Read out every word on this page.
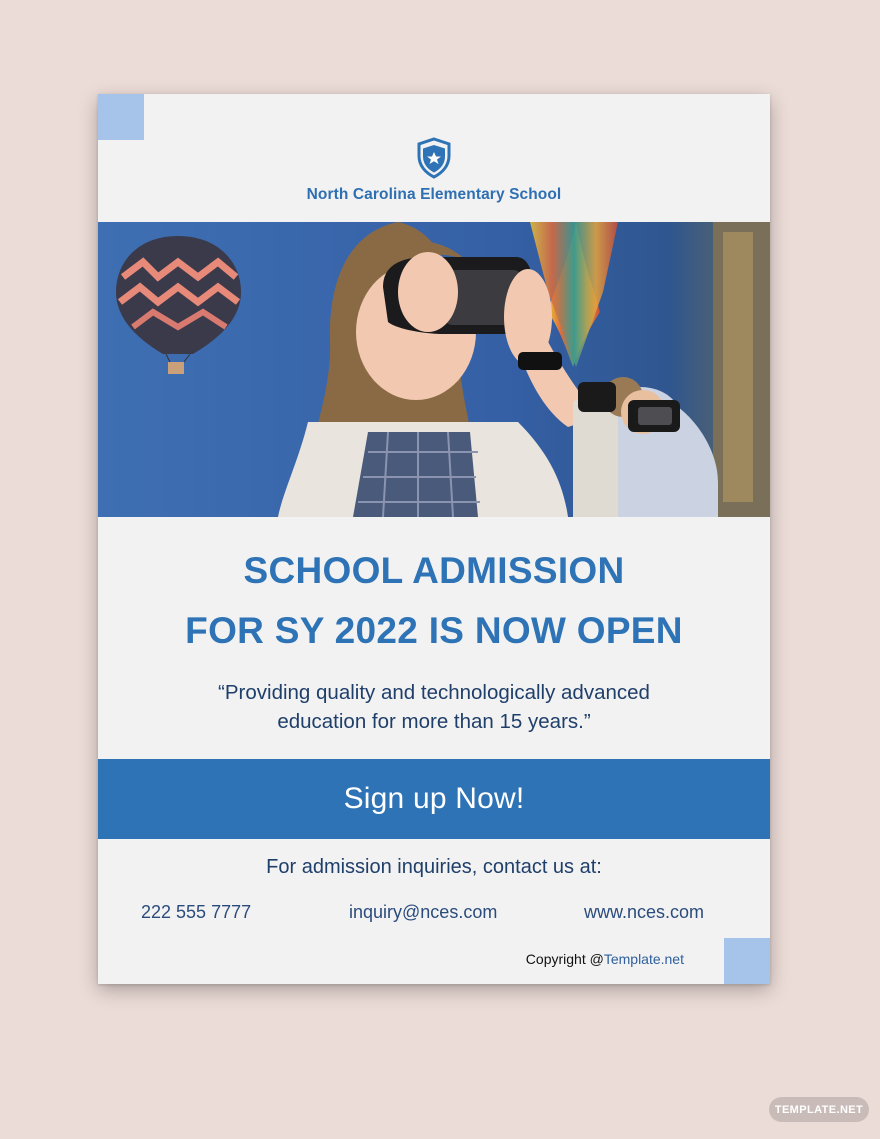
North Carolina Elementary School
SCHOOL ADMISSION
FOR SY 2022 IS NOW OPEN
“Providing quality and technologically advanced
education for more than 15 years.”
Sign up Now!
For admission inquiries, contact us at:
222 555 7777	inquiry@nces.com	www.nces.com
Copyright @Template.net
TEMPLATE.NET
